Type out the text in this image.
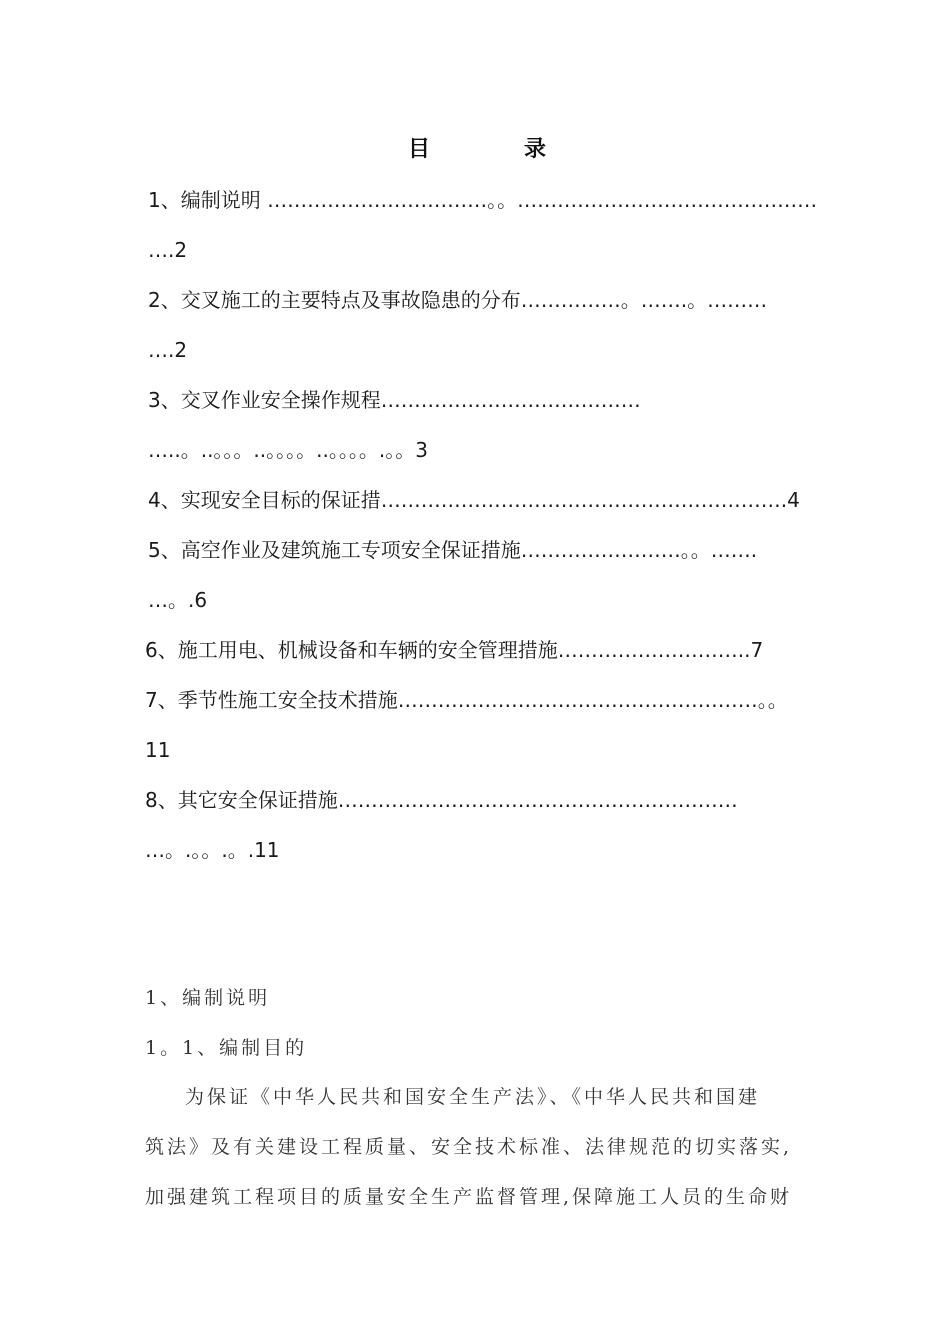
目　录
1、编制说明 ……………………………。。………………………………………
….2
2、交叉施工的主要特点及事故隐患的分布……………。…….。………
….2
3、交叉作业安全操作规程…………………………………
…..。..。。。..。。。。..。。。。.。。3
4、实现安全目标的保证措…………………………………………………….4
5、高空作业及建筑施工专项安全保证措施……………………。。…….
…。.6
6、施工用电、机械设备和车辆的安全管理措施………………………..7
7、季节性施工安全技术措施………………………………………………。。
11
8、其它安全保证措施……………………………………………………
…。.。。.。.11
1、编制说明
1。1、编制目的
为保证《中华人民共和国安全生产法》、《中华人民共和国建
筑法》及有关建设工程质量、安全技术标准、法律规范的切实落实,
加强建筑工程项目的质量安全生产监督管理,保障施工人员的生命财
